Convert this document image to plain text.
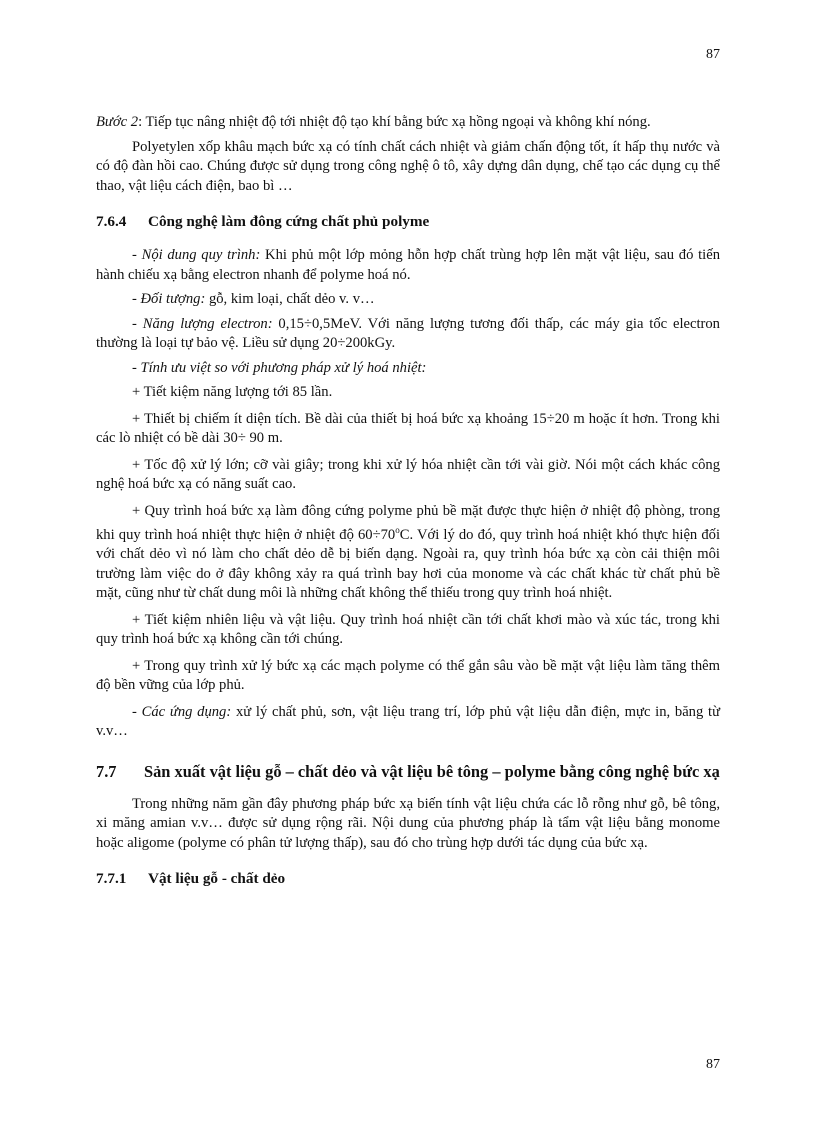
87

Bước 2: Tiếp tục nâng nhiệt độ tới nhiệt độ tạo khí bằng bức xạ hồng ngoại và không khí nóng.

Polyetylen xốp khâu mạch bức xạ có tính chất cách nhiệt và giảm chấn động tốt, ít hấp thụ nước và có độ đàn hồi cao. Chúng được sử dụng trong công nghệ ô tô, xây dựng dân dụng, chế tạo các dụng cụ thể thao, vật liệu cách điện, bao bì …

7.6.4 Công nghệ làm đông cứng chất phủ polyme

- Nội dung quy trình: Khi phủ một lớp mỏng hỗn hợp chất trùng hợp lên mặt vật liệu, sau đó tiến hành chiếu xạ bằng electron nhanh để polyme hoá nó.

- Đối tượng: gỗ, kim loại, chất dẻo v. v…

- Năng lượng electron: 0,15÷0,5MeV. Với năng lượng tương đối thấp, các máy gia tốc electron thường là loại tự bảo vệ. Liều sử dụng 20÷200kGy.

- Tính ưu việt so với phương pháp xử lý hoá nhiệt:

+ Tiết kiệm năng lượng tới 85 lần.

+ Thiết bị chiếm ít diện tích. Bề dài của thiết bị hoá bức xạ khoảng 15÷20 m hoặc ít hơn. Trong khi các lò nhiệt có bề dài 30÷ 90 m.

+ Tốc độ xử lý lớn; cỡ vài giây; trong khi xử lý hóa nhiệt cần tới vài giờ. Nói một cách khác công nghệ hoá bức xạ có năng suất cao.

+ Quy trình hoá bức xạ làm đông cứng polyme phủ bề mặt được thực hiện ở nhiệt độ phòng, trong khi quy trình hoá nhiệt thực hiện ở nhiệt độ $60\div 70^oC$. Với lý do đó, quy trình hoá nhiệt khó thực hiện đối với chất dẻo vì nó làm cho chất dẻo dễ bị biến dạng. Ngoài ra, quy trình hóa bức xạ còn cải thiện môi trường làm việc do ở đây không xảy ra quá trình bay hơi của monome và các chất khác từ chất phủ bề mặt, cũng như từ chất dung môi là những chất không thể thiếu trong quy trình hoá nhiệt.

+ Tiết kiệm nhiên liệu và vật liệu. Quy trình hoá nhiệt cần tới chất khơi mào và xúc tác, trong khi quy trình hoá bức xạ không cần tới chúng.

+ Trong quy trình xử lý bức xạ các mạch polyme có thể gắn sâu vào bề mặt vật liệu làm tăng thêm độ bền vững của lớp phủ.

- Các ứng dụng: xử lý chất phủ, sơn, vật liệu trang trí, lớp phủ vật liệu dẫn điện, mực in, băng từ v.v…

7.7	Sản xuất vật liệu gỗ – chất dẻo và vật liệu bê tông – polyme bằng công nghệ bức xạ

Trong những năm gần đây phương pháp bức xạ biến tính vật liệu chứa các lỗ rỗng như gỗ, bê tông, xi măng amian v.v… được sử dụng rộng rãi. Nội dung của phương pháp là tẩm vật liệu bằng monome hoặc aligome (polyme có phân tử lượng thấp), sau đó cho trùng hợp dưới tác dụng của bức xạ.

7.7.1 Vật liệu gỗ - chất dẻo
87
